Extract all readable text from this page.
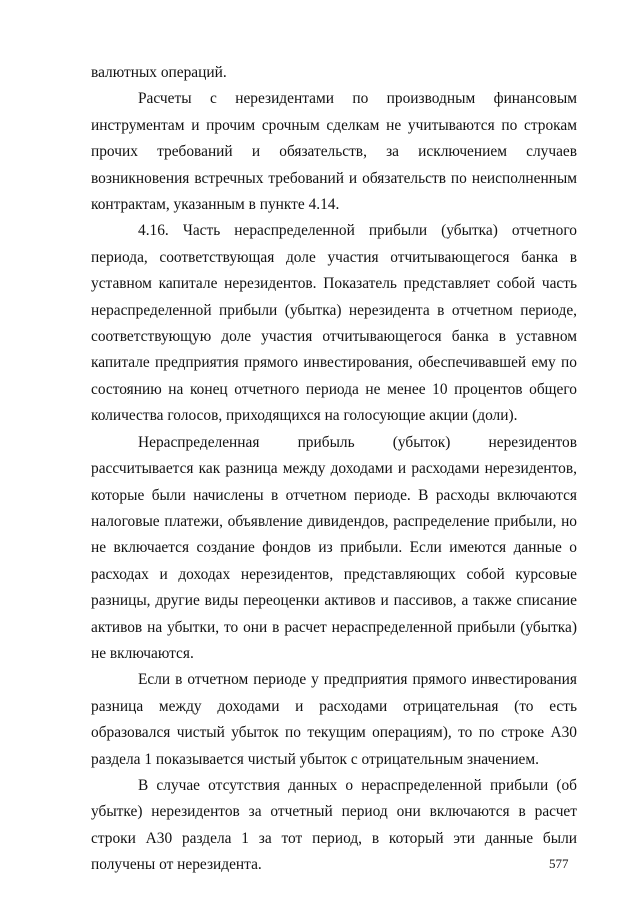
валютных операций.

Расчеты с нерезидентами по производным финансовым инструментам и прочим срочным сделкам не учитываются по строкам прочих требований и обязательств, за исключением случаев возникновения встречных требований и обязательств по неисполненным контрактам, указанным в пункте 4.14.

4.16. Часть нераспределенной прибыли (убытка) отчетного периода, соответствующая доле участия отчитывающегося банка в уставном капитале нерезидентов. Показатель представляет собой часть нераспределенной прибыли (убытка) нерезидента в отчетном периоде, соответствующую доле участия отчитывающегося банка в уставном капитале предприятия прямого инвестирования, обеспечивавшей ему по состоянию на конец отчетного периода не менее 10 процентов общего количества голосов, приходящихся на голосующие акции (доли).

Нераспределенная прибыль (убыток) нерезидентов рассчитывается как разница между доходами и расходами нерезидентов, которые были начислены в отчетном периоде. В расходы включаются налоговые платежи, объявление дивидендов, распределение прибыли, но не включается создание фондов из прибыли. Если имеются данные о расходах и доходах нерезидентов, представляющих собой курсовые разницы, другие виды переоценки активов и пассивов, а также списание активов на убытки, то они в расчет нераспределенной прибыли (убытка) не включаются.

Если в отчетном периоде у предприятия прямого инвестирования разница между доходами и расходами отрицательная (то есть образовался чистый убыток по текущим операциям), то по строке А30 раздела 1 показывается чистый убыток с отрицательным значением.

В случае отсутствия данных о нераспределенной прибыли (об убытке) нерезидентов за отчетный период они включаются в расчет строки А30 раздела 1 за тот период, в который эти данные были получены от нерезидента.	577
